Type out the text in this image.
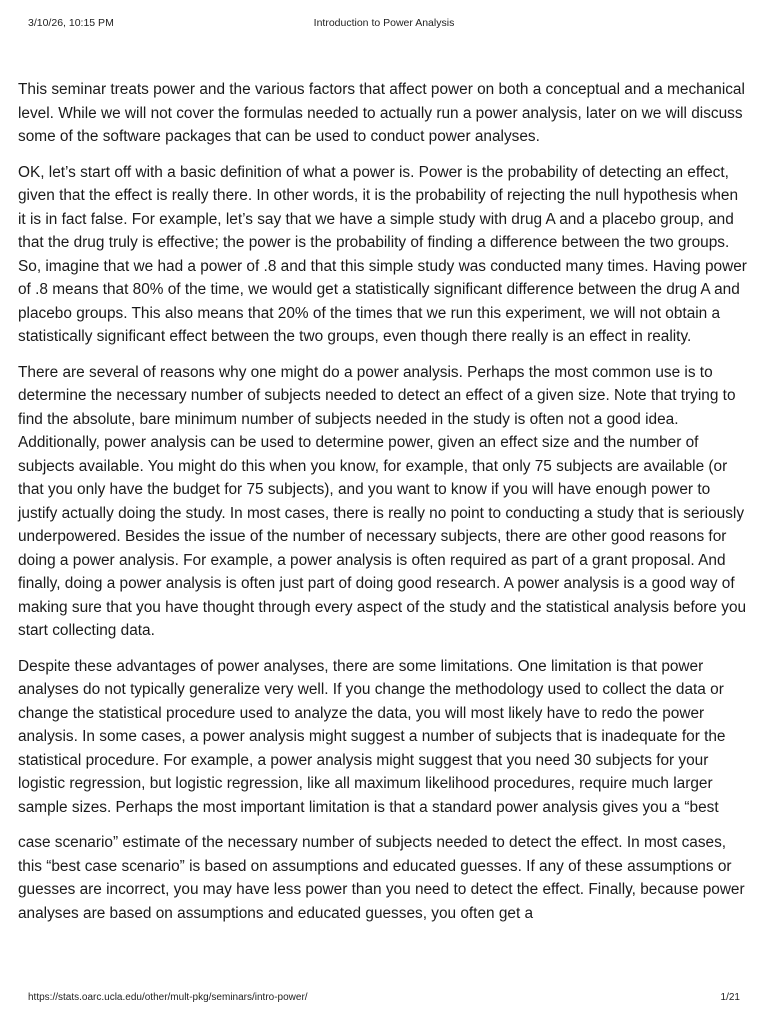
3/10/26, 10:15 PM	Introduction to Power Analysis

This seminar treats power and the various factors that affect power on both a conceptual and a mechanical level. While we will not cover the formulas needed to actually run a power analysis, later on we will discuss some of the software packages that can be used to conduct power analyses.

OK, let’s start off with a basic definition of what a power is. Power is the probability of detecting an effect, given that the effect is really there. In other words, it is the probability of rejecting the null hypothesis when it is in fact false. For example, let’s say that we have a simple study with drug A and a placebo group, and that the drug truly is effective; the power is the probability of finding a difference between the two groups. So, imagine that we had a power of .8 and that this simple study was conducted many times. Having power of .8 means that 80% of the time, we would get a statistically significant difference between the drug A and placebo groups. This also means that 20% of the times that we run this experiment, we will not obtain a statistically significant effect between the two groups, even though there really is an effect in reality.

There are several of reasons why one might do a power analysis. Perhaps the most common use is to determine the necessary number of subjects needed to detect an effect of a given size. Note that trying to find the absolute, bare minimum number of subjects needed in the study is often not a good idea. Additionally, power analysis can be used to determine power, given an effect size and the number of subjects available. You might do this when you know, for example, that only 75 subjects are available (or that you only have the budget for 75 subjects), and you want to know if you will have enough power to justify actually doing the study. In most cases, there is really no point to conducting a study that is seriously underpowered. Besides the issue of the number of necessary subjects, there are other good reasons for doing a power analysis. For example, a power analysis is often required as part of a grant proposal. And finally, doing a power analysis is often just part of doing good research. A power analysis is a good way of making sure that you have thought through every aspect of the study and the statistical analysis before you start collecting data.

Despite these advantages of power analyses, there are some limitations. One limitation is that power analyses do not typically generalize very well. If you change the methodology used to collect the data or change the statistical procedure used to analyze the data, you will most likely have to redo the power analysis. In some cases, a power analysis might suggest a number of subjects that is inadequate for the statistical procedure. For example, a power analysis might suggest that you need 30 subjects for your logistic regression, but logistic regression, like all maximum likelihood procedures, require much larger sample sizes. Perhaps the most important limitation is that a standard power analysis gives you a “best

case scenario” estimate of the necessary number of subjects needed to detect the effect. In most cases, this “best case scenario” is based on assumptions and educated guesses. If any of these assumptions or guesses are incorrect, you may have less power than you need to detect the effect. Finally, because power analyses are based on assumptions and educated guesses, you often get a

https://stats.oarc.ucla.edu/other/mult-pkg/seminars/intro-power/	1/21
